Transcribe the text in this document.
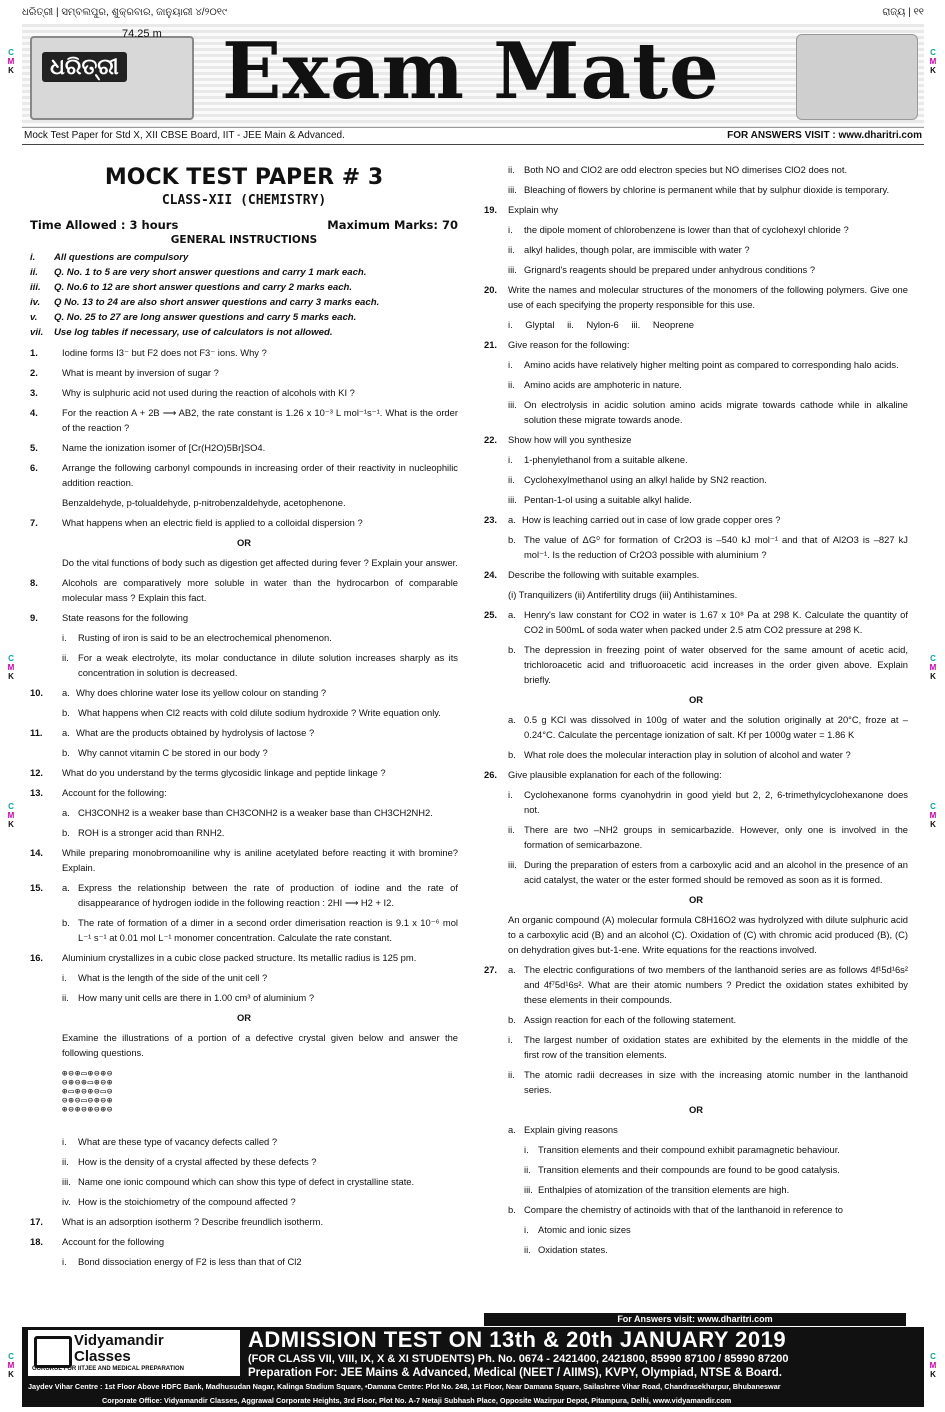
ଧରିତ୍ରୀ | ସମ୍ବଲପୁର, ଶୁକ୍ରବାର, ଜାନୁୟାରୀ ୪/୨୦୧୯	ରାଜ୍ୟ | ୧୧
ଧରିତ୍ରୀ
74.25 m Exam Mate
Mock Test Paper for Std X, XII CBSE Board, IIT - JEE Main & Advanced.	FOR ANSWERS VISIT : www.dharitri.com
C
M
K
C
M
K
C
M
K
C
M
K
C
M
K
C
M
K
C
M
K
C
M
K
MOCK TEST PAPER # 3
CLASS-XII (CHEMISTRY)
Time Allowed : 3 hours	Maximum Marks: 70
GENERAL INSTRUCTIONS
i.	All questions are compulsory
ii.	Q. No. 1 to 5 are very short answer questions and carry 1 mark each.
iii.	Q. No.6 to 12 are short answer questions and carry 2 marks each.
iv.	Q No. 13 to 24 are also short answer questions and carry 3 marks each.
v.	Q. No. 25 to 27 are long answer questions and carry 5 marks each.
vii.	Use log tables if necessary, use of calculators is not allowed.
1.	Iodine forms I3⁻ but F2 does not F3⁻ ions. Why ?
2.	What is meant by inversion of sugar ?
3.	Why is sulphuric acid not used during the reaction of alcohols with KI ?
4.	For the reaction A + 2B ⟶ AB2, the rate constant is 1.26 x 10⁻³ L mol⁻¹s⁻¹. What is the order of the reaction ?
5.	Name the ionization isomer of [Cr(H2O)5Br]SO4.
6.	Arrange the following carbonyl compounds in increasing order of their reactivity in nucleophilic addition reaction.
Benzaldehyde, p-tolualdehyde, p-nitrobenzaldehyde, acetophenone.
7.	What happens when an electric field is applied to a colloidal dispersion ?
OR
Do the vital functions of body such as digestion get affected during fever ? Explain your answer.
8.	Alcohols are comparatively more soluble in water than the hydrocarbon of comparable molecular mass ? Explain this fact.
9.	State reasons for the following
i.	Rusting of iron is said to be an electrochemical phenomenon.
ii. For a weak electrolyte, its molar conductance in dilute solution increases sharply as its concentration in solution is decreased.
10.	a. Why does chlorine water lose its yellow colour on standing ?
b. What happens when Cl2 reacts with cold dilute sodium hydroxide ? Write equation only.
11.	a. What are the products obtained by hydrolysis of lactose ?
b. Why cannot vitamin C be stored in our body ?
12.	What do you understand by the terms glycosidic linkage and peptide linkage ?
13.	Account for the following:
a. CH3CONH2 is a weaker base than CH3CONH2 is a weaker base than CH3CH2NH2.
b. ROH is a stronger acid than RNH2.
14.	While preparing monobromoaniline why is aniline acetylated before reacting it with bromine? Explain.
15.	a. Express the relationship between the rate of production of iodine and the rate of disappearance of hydrogen iodide in the following reaction : 2HI ⟶ H2 + I2.
b. The rate of formation of a dimer in a second order dimerisation reaction is 9.1 x 10⁻⁶ mol L⁻¹ s⁻¹ at 0.01 mol L⁻¹ monomer concentration. Calculate the rate constant.
16.	Aluminium crystallizes in a cubic close packed structure. Its metallic radius is 125 pm.
i.	What is the length of the side of the unit cell ?
ii. How many unit cells are there in 1.00 cm³ of aluminium ?
OR
Examine the illustrations of a portion of a defective crystal given below and answer the following questions.
⊕⊖⊕▭⊕⊖⊕⊖
⊖⊕⊖⊕▭⊕⊖⊕
⊕▭⊕⊖⊕⊖▭⊖
⊖⊕⊖▭⊖⊕⊖⊕
⊕⊖⊕⊖⊕⊖⊕⊖
i.	What are these type of vacancy defects called ?
ii. How is the density of a crystal affected by these defects ?
iii. Name one ionic compound which can show this type of defect in crystalline state.
iv. How is the stoichiometry of the compound affected ?
17.	What is an adsorption isotherm ? Describe freundlich isotherm.
18.	Account for the following
i.	Bond dissociation energy of F2 is less than that of Cl2
ii. Both NO and ClO2 are odd electron species but NO dimerises ClO2 does not.
iii. Bleaching of flowers by chlorine is permanent while that by sulphur dioxide is temporary.
19.	Explain why
i.	the dipole moment of chlorobenzene is lower than that of cyclohexyl chloride ?
ii. alkyl halides, though polar, are immiscible with water ?
iii. Grignard's reagents should be prepared under anhydrous conditions ?
20.	Write the names and molecular structures of the monomers of the following polymers. Give one use of each specifying the property responsible for this use.
i. Glyptal ii. Nylon-6 iii. Neoprene
21.	Give reason for the following:
i.	Amino acids have relatively higher melting point as compared to corresponding halo acids.
ii. Amino acids are amphoteric in nature.
iii. On electrolysis in acidic solution amino acids migrate towards cathode while in alkaline solution these migrate towards anode.
22.	Show how will you synthesize
i.	1-phenylethanol from a suitable alkene.
ii. Cyclohexylmethanol using an alkyl halide by SN2 reaction.
iii. Pentan-1-ol using a suitable alkyl halide.
23.	a. How is leaching carried out in case of low grade copper ores ?
b. The value of ΔG⁰ for formation of Cr2O3 is –540 kJ mol⁻¹ and that of Al2O3 is –827 kJ mol⁻¹. Is the reduction of Cr2O3 possible with aluminium ?
24.	Describe the following with suitable examples.
(i) Tranquilizers (ii) Antifertility drugs (iii) Antihistamines.
25.	a. Henry's law constant for CO2 in water is 1.67 x 10⁸ Pa at 298 K. Calculate the quantity of CO2 in 500mL of soda water when packed under 2.5 atm CO2 pressure at 298 K.
b. The depression in freezing point of water observed for the same amount of acetic acid, trichloroacetic acid and trifluoroacetic acid increases in the order given above. Explain briefly.
OR
a. 0.5 g KCl was dissolved in 100g of water and the solution originally at 20°C, froze at –0.24°C. Calculate the percentage ionization of salt. Kf per 1000g water = 1.86 K
b. What role does the molecular interaction play in solution of alcohol and water ?
26.	Give plausible explanation for each of the following:
i.	Cyclohexanone forms cyanohydrin in good yield but 2, 2, 6-trimethylcyclohexanone does not.
ii. There are two –NH2 groups in semicarbazide. However, only one is involved in the formation of semicarbazone.
iii. During the preparation of esters from a carboxylic acid and an alcohol in the presence of an acid catalyst, the water or the ester formed should be removed as soon as it is formed.
OR
An organic compound (A) molecular formula C8H16O2 was hydrolyzed with dilute sulphuric acid to a carboxylic acid (B) and an alcohol (C). Oxidation of (C) with chromic acid produced (B), (C) on dehydration gives but-1-ene. Write equations for the reactions involved.
27.	a. The electric configurations of two members of the lanthanoid series are as follows 4f¹5d¹6s² and 4f⁷5d¹6s². What are their atomic numbers ? Predict the oxidation states exhibited by these elements in their compounds.
b. Assign reaction for each of the following statement.
i.	The largest number of oxidation states are exhibited by the elements in the middle of the first row of the transition elements.
ii. The atomic radii decreases in size with the increasing atomic number in the lanthanoid series.
OR
a. Explain giving reasons
i. Transition elements and their compound exhibit paramagnetic behaviour.
ii. Transition elements and their compounds are found to be good catalysis.
iii. Enthalpies of atomization of the transition elements are high.
b. Compare the chemistry of actinoids with that of the lanthanoid in reference to
i. Atomic and ionic sizes
ii. Oxidation states.
For Answers visit: www.dharitri.com
Vidyamandir
Classes
GURUKUL FOR IITJEE AND MEDICAL PREPARATION
ADMISSION TEST ON 13th & 20th JANUARY 2019
(FOR CLASS VII, VIII, IX, X & XI STUDENTS) Ph. No. 0674 - 2421400, 2421800, 85990 87100 / 85990 87200
Preparation For: JEE Mains & Advanced, Medical (NEET / AIIMS), KVPY, Olympiad, NTSE & Board.
Jaydev Vihar Centre : 1st Floor Above HDFC Bank, Madhusudan Nagar, Kalinga Stadium Square, •Damana Centre: Plot No. 248, 1st Floor, Near Damana Square, Sailashree Vihar Road, Chandrasekharpur, Bhubaneswar
Corporate Office: Vidyamandir Classes, Aggrawal Corporate Heights, 3rd Floor, Plot No. A-7 Netaji Subhash Place, Opposite Wazirpur Depot, Pitampura, Delhi, www.vidyamandir.com
